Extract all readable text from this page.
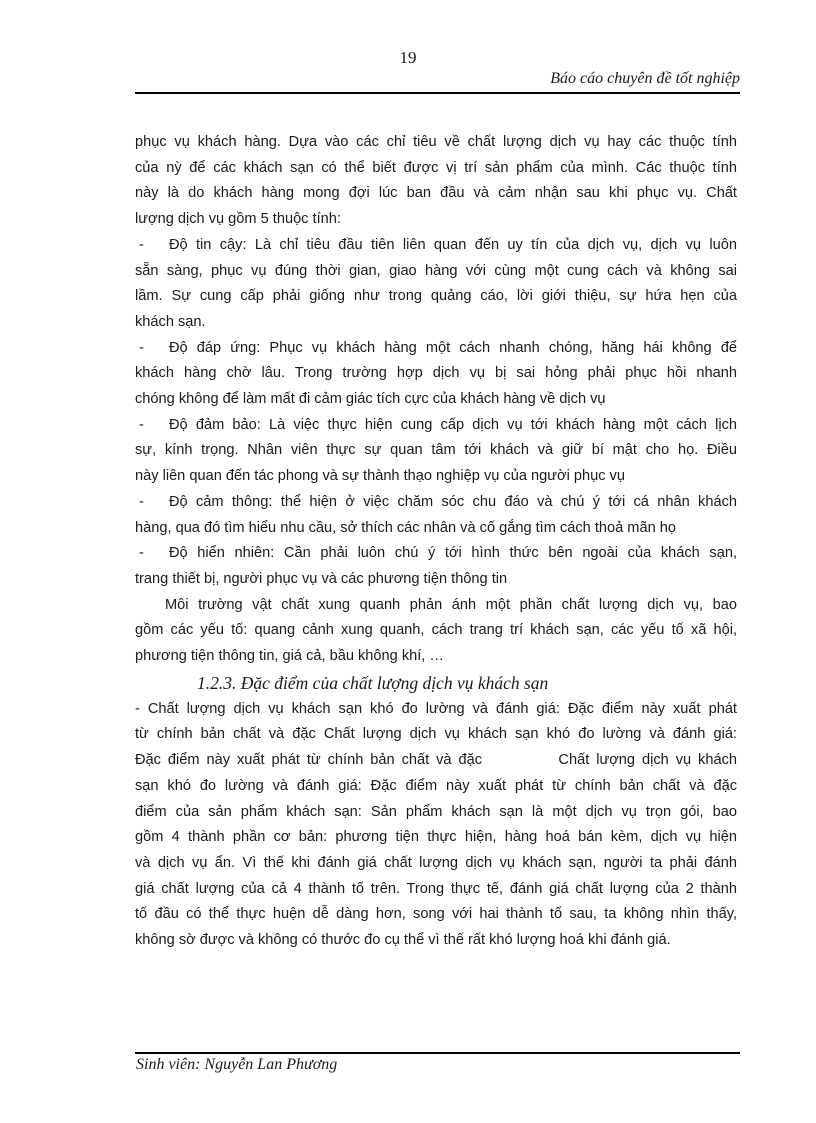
19
Báo cáo chuyên đề tốt nghiệp

phục vụ khách hàng. Dựa vào các chỉ tiêu về chất lượng dịch vụ hay các thuộc tính
của nỳ để các khách sạn có thể biết được vị trí sản phẩm của mình. Các thuộc tính
này là do khách hàng mong đợi lúc ban đầu và cảm nhận sau khi phục vụ. Chất
lượng dịch vụ gồm 5 thuộc tính:

- Độ tin cậy: Là chỉ tiêu đầu tiên liên quan đến uy tín của dịch vụ, dịch vụ luôn
sẵn sàng, phục vụ đúng thời gian, giao hàng với cùng một cung cách và không sai
lầm. Sự cung cấp phải giống như trong quảng cáo, lời giới thiệu, sự hứa hẹn của
khách sạn.
- Độ đáp ứng: Phục vụ khách hàng một cách nhanh chóng, hăng hái không để
khách hàng chờ lâu. Trong trường hợp dịch vụ bị sai hỏng phải phục hồi nhanh
chóng không để làm mất đi cảm giác tích cực của khách hàng về dịch vụ
- Độ đảm bảo: Là việc thực hiện cung cấp dịch vụ tới khách hàng một cách lịch
sự, kính trọng. Nhân viên thực sự quan tâm tới khách và giữ bí mật cho họ. Điều
này liên quan đến tác phong và sự thành thạo nghiệp vụ của người phục vụ
- Độ cảm thông: thể hiện ở việc chăm sóc chu đáo và chú ý tới cá nhân khách
hàng, qua đó tìm hiểu nhu cầu, sở thích các nhân và cố gắng tìm cách thoả mãn họ
- Độ hiển nhiên: Cần phải luôn chú ý tới hình thức bên ngoài của khách sạn,
trang thiết bị, người phục vụ và các phương tiện thông tin

Môi trường vật chất xung quanh phản ánh một phần chất lượng dịch vụ, bao
gồm các yếu tố: quang cảnh xung quanh, cách trang trí khách sạn, các yếu tố xã hội,
phương tiện thông tin, giá cả, bầu không khí, …

1.2.3. Đặc điểm của chất lượng dịch vụ khách sạn

- Chất lượng dịch vụ khách sạn khó đo lường và đánh giá: Đặc điểm này xuất phát
từ chính bản chất và đặc Chất lượng dịch vụ khách sạn khó đo lường và đánh giá:
Đặc điểm này xuất phát từ chính bản chất và đặc           Chất lượng dịch vụ khách
sạn khó đo lường và đánh giá: Đặc điểm này xuất phát từ chính bản chất và đặc
điểm của sản phẩm khách sạn: Sản phẩm khách sạn là một dịch vụ trọn gói, bao
gồm 4 thành phần cơ bản: phương tiện thực hiện, hàng hoá bán kèm, dịch vụ hiện
và dịch vụ ẩn. Vì thế khi đánh giá chất lượng dịch vụ khách sạn, người ta phải đánh
giá chất lượng của cả 4 thành tố trên. Trong thực tế, đánh giá chất lượng của 2 thành
tố đầu có thể thực huện dễ dàng hơn, song với hai thành tố sau, ta không nhìn thấy,
không sờ được và không có thước đo cụ thể vì thế rất khó lượng hoá khi đánh giá.

Sinh viên: Nguyễn Lan Phương
